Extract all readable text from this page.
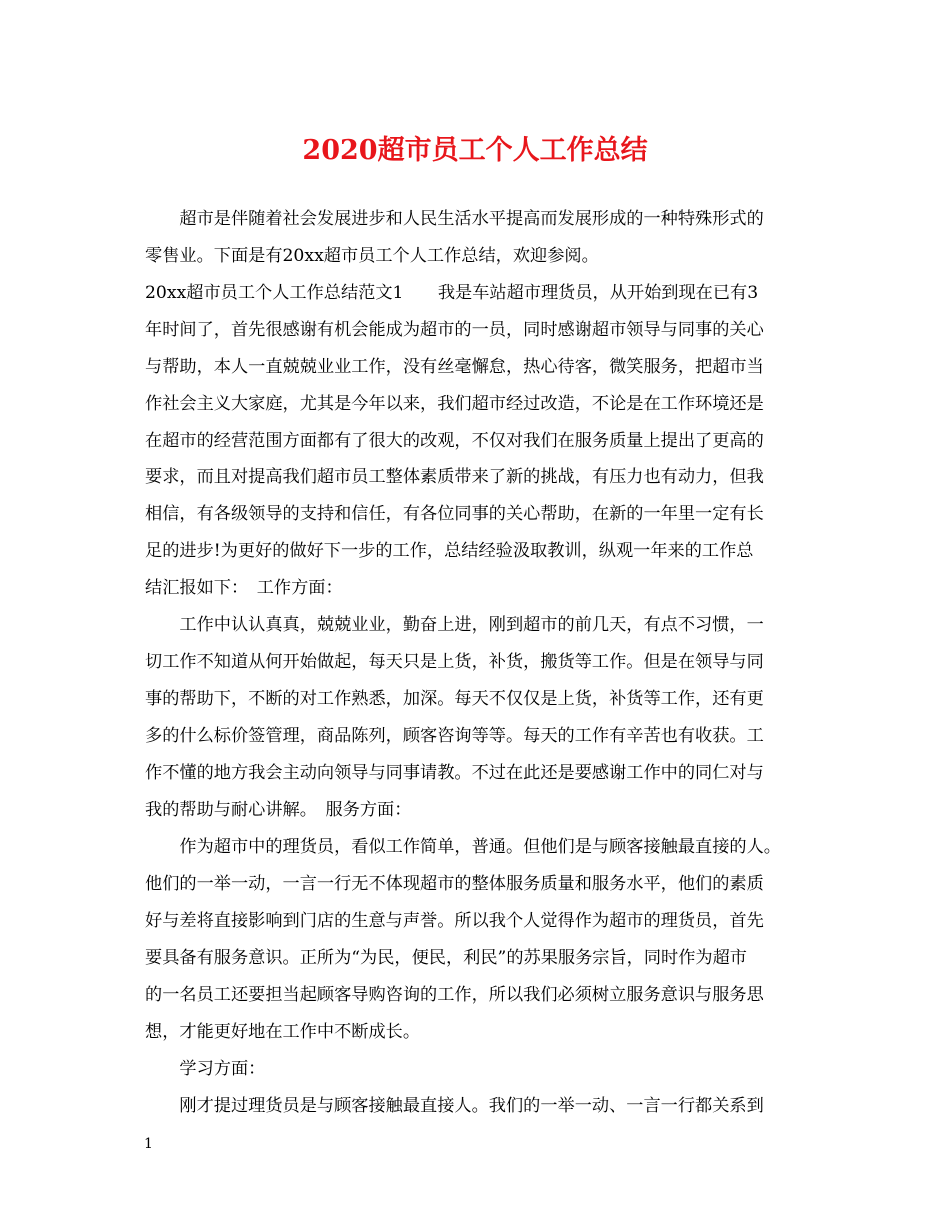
2020超市员工个人工作总结
　　超市是伴随着社会发展进步和人民生活水平提高而发展形成的一种特殊形式的
零售业。下面是有20xx超市员工个人工作总结，欢迎参阅。
20xx超市员工个人工作总结范文1　　我是车站超市理货员，从开始到现在已有3
年时间了，首先很感谢有机会能成为超市的一员，同时感谢超市领导与同事的关心
与帮助，本人一直兢兢业业工作，没有丝毫懈怠，热心待客，微笑服务，把超市当
作社会主义大家庭，尤其是今年以来，我们超市经过改造，不论是在工作环境还是
在超市的经营范围方面都有了很大的改观，不仅对我们在服务质量上提出了更高的
要求，而且对提高我们超市员工整体素质带来了新的挑战，有压力也有动力，但我
相信，有各级领导的支持和信任，有各位同事的关心帮助，在新的一年里一定有长
足的进步!为更好的做好下一步的工作，总结经验汲取教训，纵观一年来的工作总
结汇报如下：　工作方面：
　　工作中认认真真，兢兢业业，勤奋上进，刚到超市的前几天，有点不习惯，一
切工作不知道从何开始做起，每天只是上货，补货，搬货等工作。但是在领导与同
事的帮助下，不断的对工作熟悉，加深。每天不仅仅是上货，补货等工作，还有更
多的什么标价签管理，商品陈列，顾客咨询等等。每天的工作有辛苦也有收获。工
作不懂的地方我会主动向领导与同事请教。不过在此还是要感谢工作中的同仁对与
我的帮助与耐心讲解。　服务方面：
　　作为超市中的理货员，看似工作简单，普通。但他们是与顾客接触最直接的人。
他们的一举一动，一言一行无不体现超市的整体服务质量和服务水平，他们的素质
好与差将直接影响到门店的生意与声誉。所以我个人觉得作为超市的理货员，首先
要具备有服务意识。正所为“为民，便民，利民”的苏果服务宗旨，同时作为超市
的一名员工还要担当起顾客导购咨询的工作，所以我们必须树立服务意识与服务思
想，才能更好地在工作中不断成长。
　　学习方面：
　　刚才提过理货员是与顾客接触最直接人。我们的一举一动、一言一行都关系到
1
